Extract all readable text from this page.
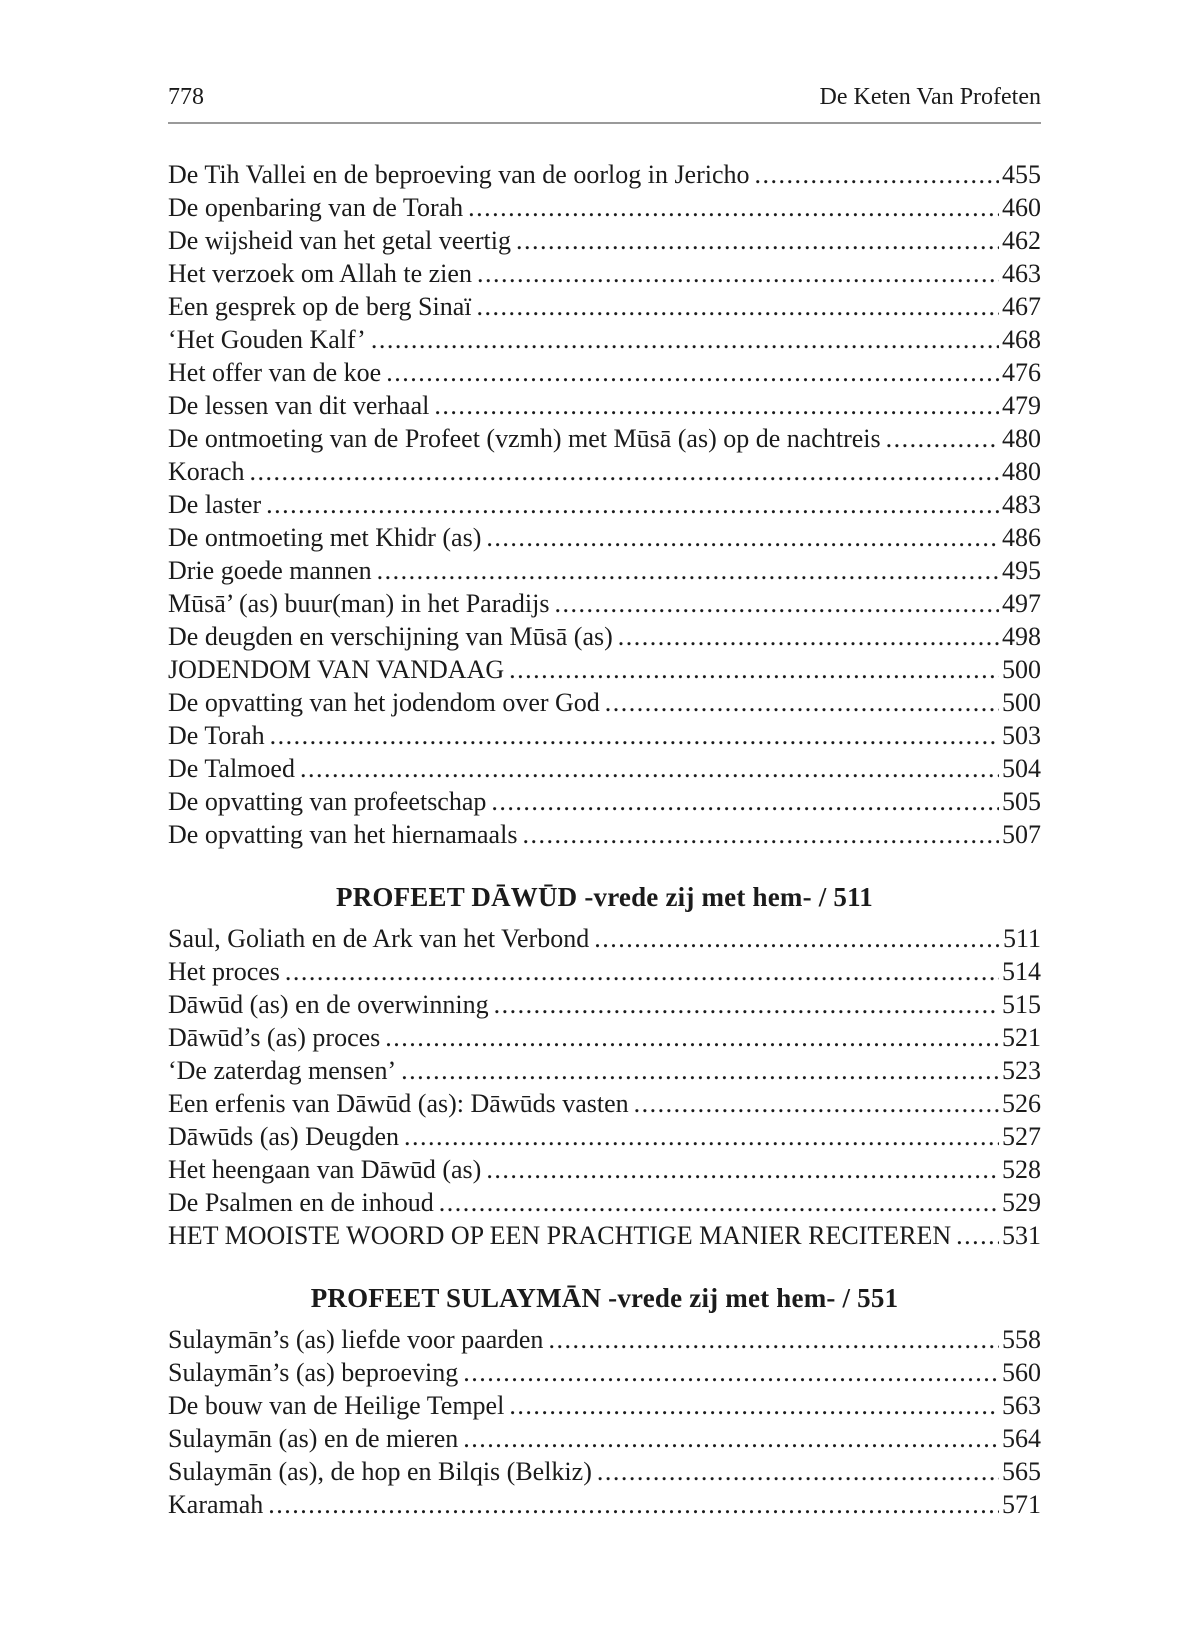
778	De Keten Van Profeten
De Tih Vallei en de beproeving van de oorlog in Jericho .....	455
De openbaring van de Torah .....	460
De wijsheid van het getal veertig .....	462
Het verzoek om Allah te zien .....	463
Een gesprek op de berg Sinaï .....	467
‘Het Gouden Kalf’ .....	468
Het offer van de koe .....	476
De lessen van dit verhaal .....	479
De ontmoeting van de Profeet (vzmh) met Mūsā (as) op de nachtreis .....	480
Korach .....	480
De laster .....	483
De ontmoeting met Khidr (as) .....	486
Drie goede mannen .....	495
Mūsā’ (as) buur(man) in het Paradijs .....	497
De deugden en verschijning van Mūsā (as) .....	498
JODENDOM VAN VANDAAG .....	500
De opvatting van het jodendom over God .....	500
De Torah .....	503
De Talmoed .....	504
De opvatting van profeetschap .....	505
De opvatting van het hiernamaals .....	507
PROFEET DĀWŪD -vrede zij met hem- / 511
Saul, Goliath en de Ark van het Verbond .....	511
Het proces .....	514
Dāwūd (as) en de overwinning .....	515
Dāwūd’s (as) proces .....	521
‘De zaterdag mensen’ .....	523
Een erfenis van Dāwūd (as): Dāwūds vasten .....	526
Dāwūds (as) Deugden .....	527
Het heengaan van Dāwūd (as) .....	528
De Psalmen en de inhoud .....	529
HET MOOISTE WOORD OP EEN PRACHTIGE MANIER RECITEREN ..... 531
PROFEET SULAYMĀN -vrede zij met hem- / 551
Sulaymān’s (as) liefde voor paarden .....	558
Sulaymān’s (as) beproeving .....	560
De bouw van de Heilige Tempel .....	563
Sulaymān (as) en de mieren .....	564
Sulaymān (as), de hop en Bilqis (Belkiz) .....	565
Karamah .....	571
